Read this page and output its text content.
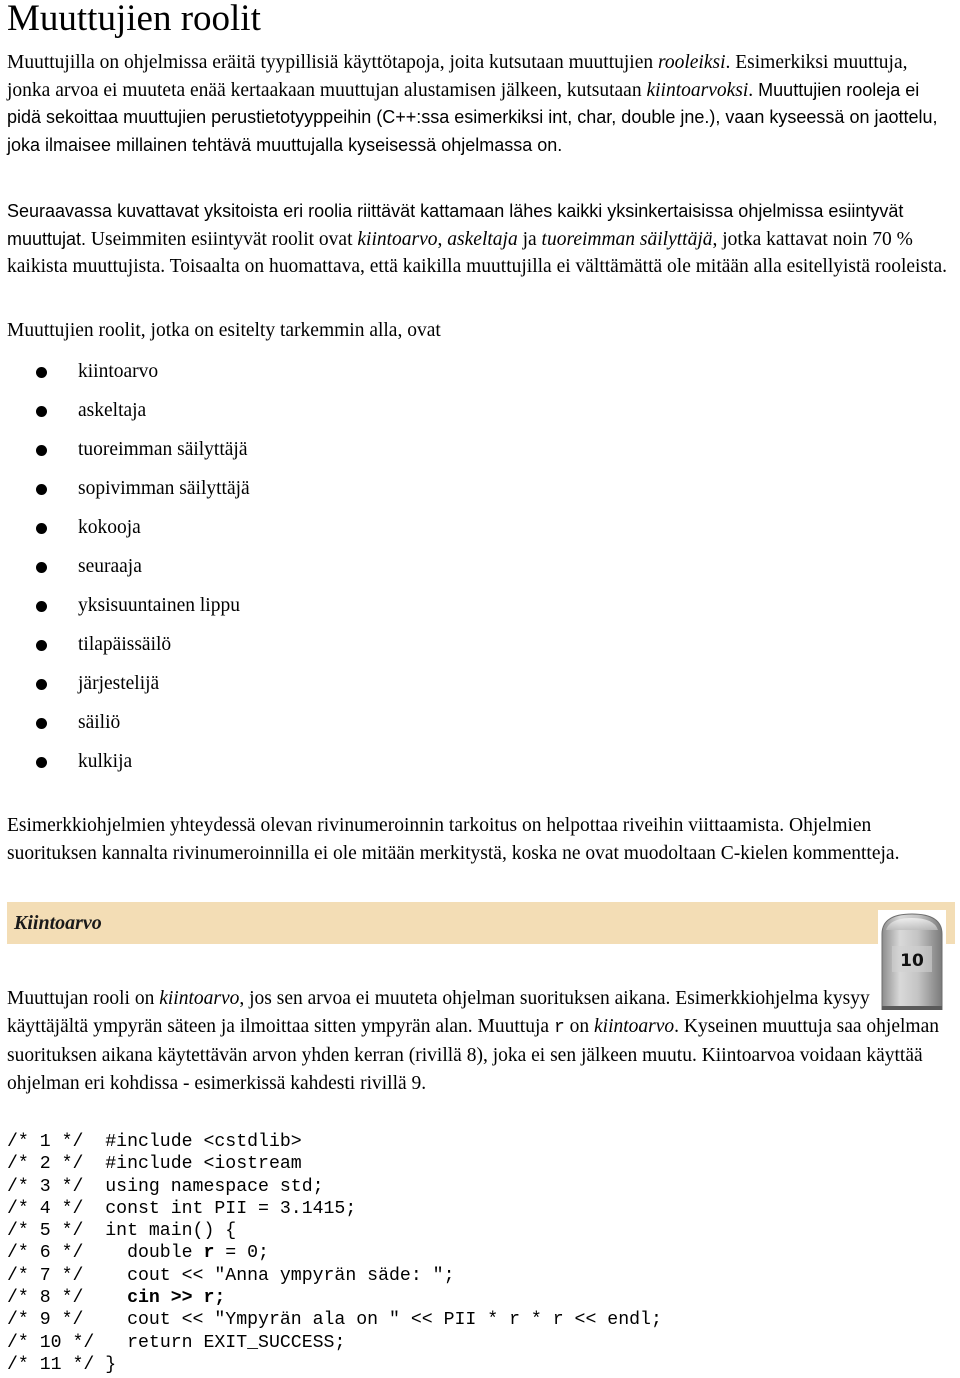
Muuttujien roolit

Muuttujilla on ohjelmissa eräitä tyypillisiä käyttötapoja, joita kutsutaan muuttujien rooleiksi. Esimerkiksi muuttuja, jonka arvoa ei muuteta enää kertaakaan muuttujan alustamisen jälkeen, kutsutaan kiintoarvoksi. Muuttujien rooleja ei pidä sekoittaa muuttujien perustietotyyppeihin (C++:ssa esimerkiksi int, char, double jne.), vaan kyseessä on jaottelu, joka ilmaisee millainen tehtävä muuttujalla kyseisessä ohjelmassa on.

Seuraavassa kuvattavat yksitoista eri roolia riittävät kattamaan lähes kaikki yksinkertaisissa ohjelmissa esiintyvät muuttujat. Useimmiten esiintyvät roolit ovat kiintoarvo, askeltaja ja tuoreimman säilyttäjä, jotka kattavat noin 70 % kaikista muuttujista. Toisaalta on huomattava, että kaikilla muuttujilla ei välttämättä ole mitään alla esitellyistä rooleista.

Muuttujien roolit, jotka on esitelty tarkemmin alla, ovat

kiintoarvo
askeltaja
tuoreimman säilyttäjä
sopivimman säilyttäjä
kokooja
seuraaja
yksisuuntainen lippu
tilapäissäilö
järjestelijä
säiliö
kulkija

Esimerkkiohjelmien yhteydessä olevan rivinumeroinnin tarkoitus on helpottaa riveihin viittaamista. Ohjelmien suorituksen kannalta rivinumeroinnilla ei ole mitään merkitystä, koska ne ovat muodoltaan C-kielen kommentteja.

Kiintoarvo
10

Muuttujan rooli on kiintoarvo, jos sen arvoa ei muuteta ohjelman suorituksen aikana. Esimerkkiohjelma kysyy käyttäjältä ympyrän säteen ja ilmoittaa sitten ympyrän alan. Muuttuja r on kiintoarvo. Kyseinen muuttuja saa ohjelman suorituksen aikana käytettävän arvon yhden kerran (rivillä 8), joka ei sen jälkeen muutu. Kiintoarvoa voidaan käyttää ohjelman eri kohdissa - esimerkissä kahdesti rivillä 9.

/* 1 */  #include <cstdlib>
/* 2 */  #include <iostream
/* 3 */  using namespace std;
/* 4 */  const int PII = 3.1415;
/* 5 */  int main() {
/* 6 */    double r = 0;
/* 7 */    cout << "Anna ympyrän säde: ";
/* 8 */ cin >> r;
/* 9 */    cout << "Ympyrän ala on " << PII * r * r << endl;
/* 10 */   return EXIT_SUCCESS;
/* 11 */ }
